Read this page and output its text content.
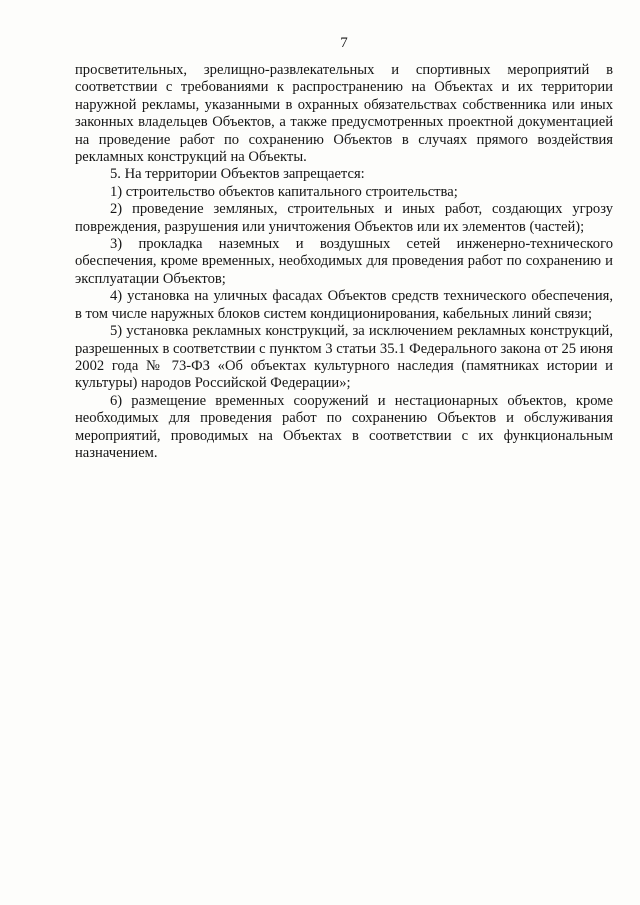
7

просветительных, зрелищно-развлекательных и спортивных мероприятий в соответствии с требованиями к распространению на Объектах и их территории наружной рекламы, указанными в охранных обязательствах собственника или иных законных владельцев Объектов, а также предусмотренных проектной документацией на проведение работ по сохранению Объектов в случаях прямого воздействия рекламных конструкций на Объекты.

5. На территории Объектов запрещается:

1) строительство объектов капитального строительства;

2) проведение земляных, строительных и иных работ, создающих угрозу повреждения, разрушения или уничтожения Объектов или их элементов (частей);

3) прокладка наземных и воздушных сетей инженерно-технического обеспечения, кроме временных, необходимых для проведения работ по сохранению и эксплуатации Объектов;

4) установка на уличных фасадах Объектов средств технического обеспечения, в том числе наружных блоков систем кондиционирования, кабельных линий связи;

5) установка рекламных конструкций, за исключением рекламных конструкций, разрешенных в соответствии с пунктом 3 статьи 35.1 Федерального закона от 25 июня 2002 года № 73-ФЗ «Об объектах культурного наследия (памятниках истории и культуры) народов Российской Федерации»;

6) размещение временных сооружений и нестационарных объектов, кроме необходимых для проведения работ по сохранению Объектов и обслуживания мероприятий, проводимых на Объектах в соответствии с их функциональным назначением.
